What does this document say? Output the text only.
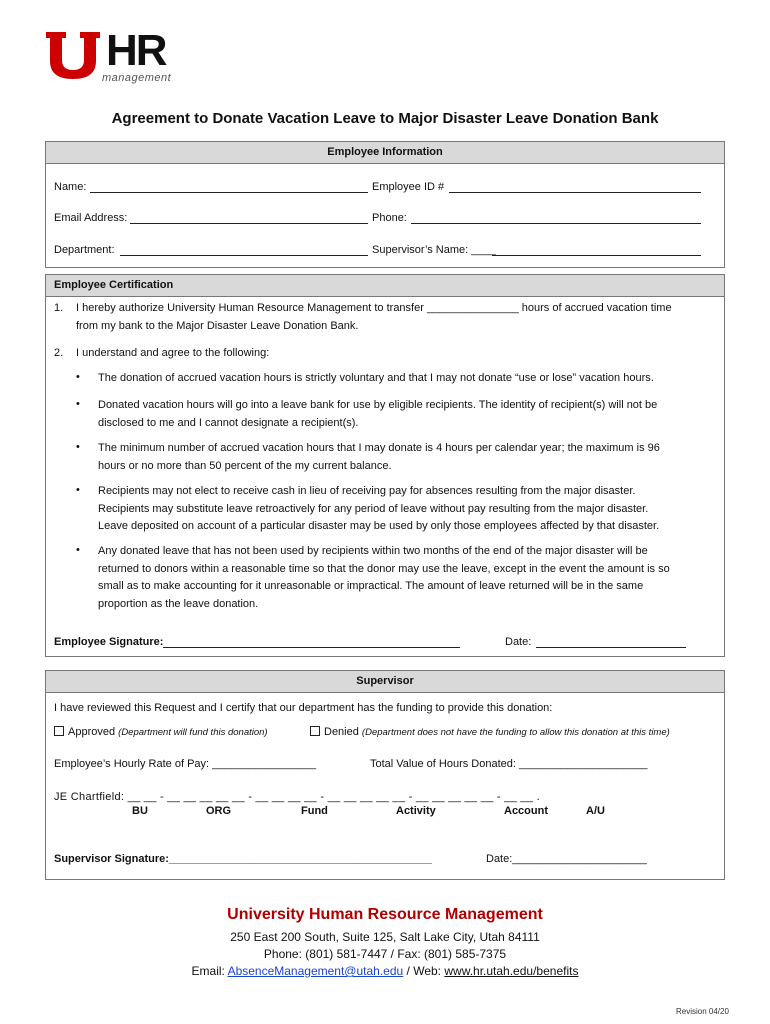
HR
management
Agreement to Donate Vacation Leave to Major Disaster Leave Donation Bank
Employee Information
Name:	Employee ID #
Email Address:	Phone:
Department:	Supervisor’s Name: ____
Employee Certification
1. I hereby authorize University Human Resource Management to transfer _______________ hours of accrued vacation time
from my bank to the Major Disaster Leave Donation Bank.
2. I understand and agree to the following:
• The donation of accrued vacation hours is strictly voluntary and that I may not donate “use or lose” vacation hours.
• Donated vacation hours will go into a leave bank for use by eligible recipients. The identity of recipient(s) will not be
disclosed to me and I cannot designate a recipient(s).
• The minimum number of accrued vacation hours that I may donate is 4 hours per calendar year; the maximum is 96
hours or no more than 50 percent of the my current balance.
• Recipients may not elect to receive cash in lieu of receiving pay for absences resulting from the major disaster.
Recipients may substitute leave retroactively for any period of leave without pay resulting from the major disaster.
Leave deposited on account of a particular disaster may be used by only those employees affected by that disaster.
• Any donated leave that has not been used by recipients within two months of the end of the major disaster will be
returned to donors within a reasonable time so that the donor may use the leave, except in the event the amount is so
small as to make accounting for it unreasonable or impractical. The amount of leave returned will be in the same
proportion as the leave donation.
Employee Signature:	Date:
Supervisor
I have reviewed this Request and I certify that our department has the funding to provide this donation:
Approved (Department will fund this donation)	Denied (Department does not have the funding to allow this donation at this time)
Employee’s Hourly Rate of Pay: _________________	Total Value of Hours Donated: _____________________
JE Chartfield: __ __ - __ __ __ __ __ - __ __ __ __ - __ __ __ __ __ - __ __ __ __ __ - __ __ .
BU	ORG	Fund	Activity	Account	A/U
Supervisor Signature:___________________________________________	Date:______________________
University Human Resource Management
250 East 200 South, Suite 125, Salt Lake City, Utah 84111
Phone: (801) 581-7447 / Fax: (801) 585-7375
Email: AbsenceManagement@utah.edu / Web: www.hr.utah.edu/benefits
Revision 04/20
